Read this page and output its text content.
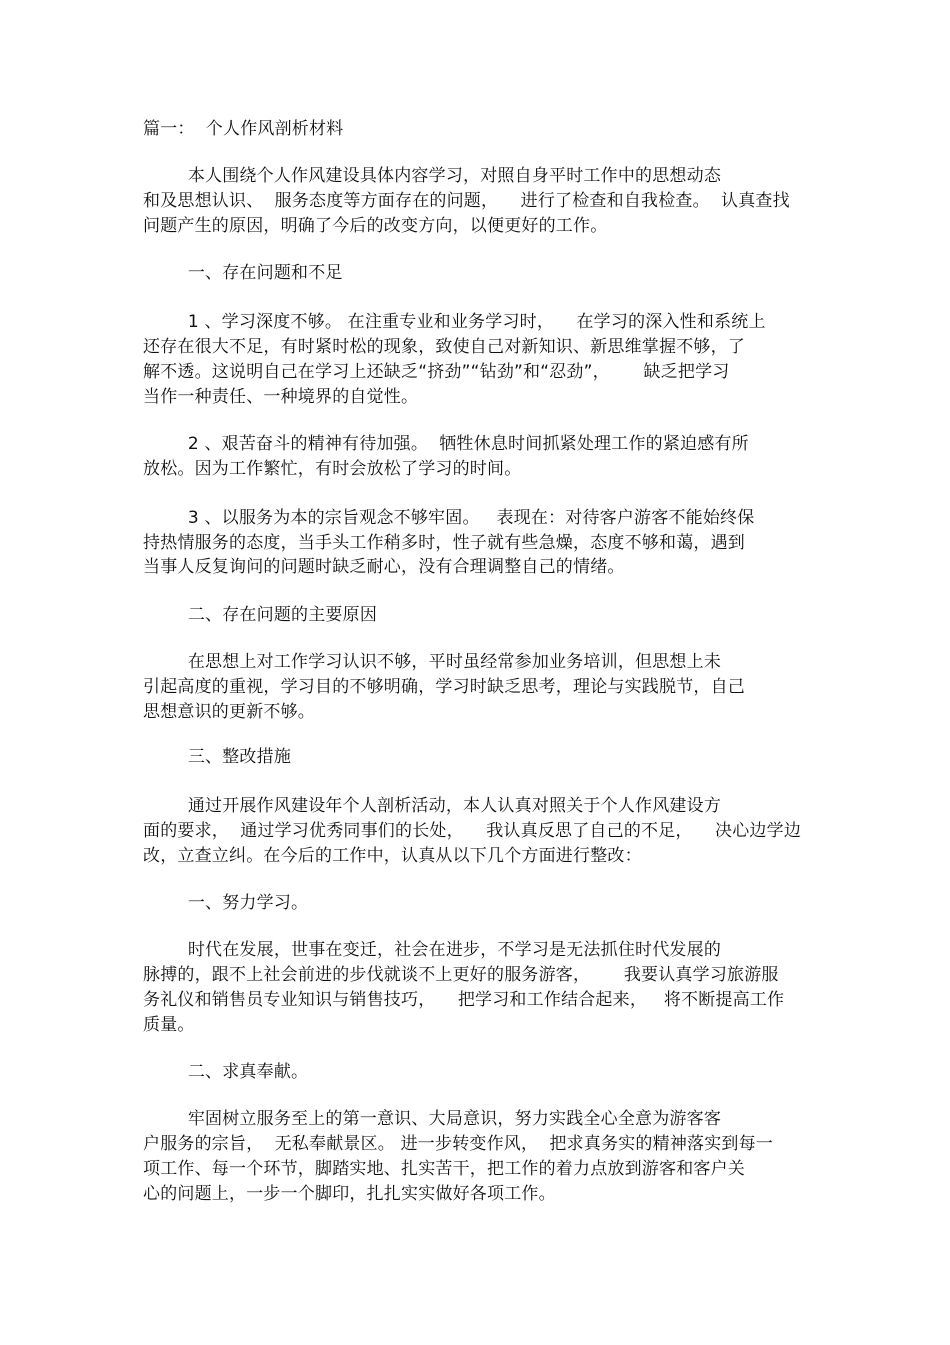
篇一：  个人作风剖析材料
本人围绕个人作风建设具体内容学习，对照自身平时工作中的思想动态
和及思想认识、  服务态度等方面存在的问题，    进行了检查和自我检查。  认真查找
问题产生的原因，明确了今后的改变方向，以便更好的工作。
一、存在问题和不足
1 、学习深度不够。 在注重专业和业务学习时，    在学习的深入性和系统上
还存在很大不足，有时紧时松的现象，致使自己对新知识、新思维掌握不够，了
解不透。这说明自己在学习上还缺乏“挤劲”“钻劲”和“忍劲”，      缺乏把学习
当作一种责任、一种境界的自觉性。
2 、艰苦奋斗的精神有待加强。  牺牲休息时间抓紧处理工作的紧迫感有所
放松。因为工作繁忙，有时会放松了学习的时间。
3 、以服务为本的宗旨观念不够牢固。   表现在：对待客户游客不能始终保
持热情服务的态度，当手头工作稍多时，性子就有些急燥，态度不够和蔼，遇到
当事人反复询问的问题时缺乏耐心，没有合理调整自己的情绪。
二、存在问题的主要原因
在思想上对工作学习认识不够，平时虽经常参加业务培训，但思想上未
引起高度的重视，学习目的不够明确，学习时缺乏思考，理论与实践脱节，自己
思想意识的更新不够。
三、整改措施
通过开展作风建设年个人剖析活动，本人认真对照关于个人作风建设方
面的要求，  通过学习优秀同事们的长处，    我认真反思了自己的不足，    决心边学边
改，立查立纠。在今后的工作中，认真从以下几个方面进行整改：
一、努力学习。
时代在发展，世事在变迁，社会在进步，不学习是无法抓住时代发展的
脉搏的，跟不上社会前进的步伐就谈不上更好的服务游客，      我要认真学习旅游服
务礼仪和销售员专业知识与销售技巧，    把学习和工作结合起来，   将不断提高工作
质量。
二、求真奉献。
牢固树立服务至上的第一意识、大局意识，努力实践全心全意为游客客
户服务的宗旨，  无私奉献景区。 进一步转变作风，  把求真务实的精神落实到每一
项工作、每一个环节，脚踏实地、扎实苦干，把工作的着力点放到游客和客户关
心的问题上，一步一个脚印，扎扎实实做好各项工作。
